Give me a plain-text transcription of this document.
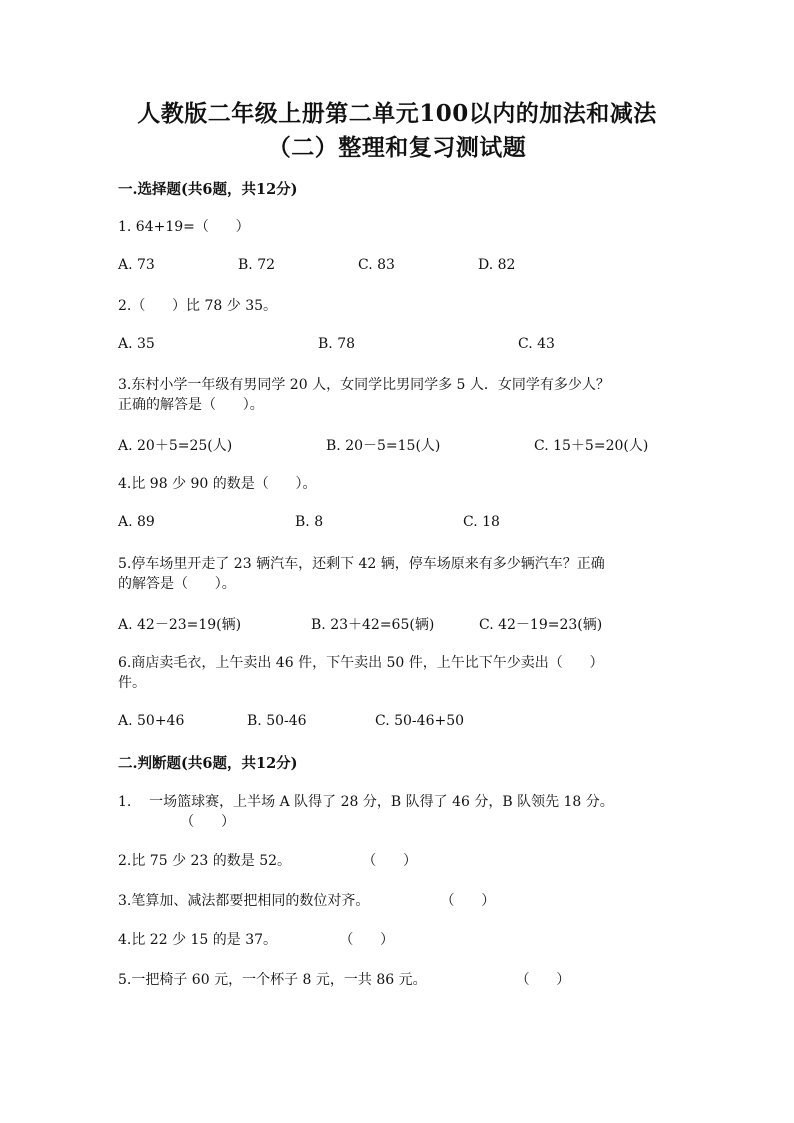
人教版二年级上册第二单元100以内的加法和减法
（二）整理和复习测试题
一.选择题(共6题，共12分)
1. 64+19=（      ）
A. 73	B. 72	C. 83	D. 82
2.（      ）比 78 少 35。
A. 35	B. 78	C. 43
3.东村小学一年级有男同学 20 人，女同学比男同学多 5 人．女同学有多少人？
正确的解答是（      ）。
A. 20＋5=25(人)	B. 20－5=15(人)	C. 15＋5=20(人)
4.比 98 少 90 的数是（      ）。
A. 89	B. 8	C. 18
5.停车场里开走了 23 辆汽车，还剩下 42 辆，停车场原来有多少辆汽车？正确
的解答是（      ）。
A. 42－23=19(辆)	B. 23＋42=65(辆)	C. 42－19=23(辆)
6.商店卖毛衣，上午卖出 46 件，下午卖出 50 件，上午比下午少卖出（      ）
件。
A. 50+46	B. 50-46	C. 50-46+50
二.判断题(共6题，共12分)
1.    一场篮球赛，上半场 A 队得了 28 分，B 队得了 46 分，B 队领先 18 分。
（      ）
2.比 75 少 23 的数是 52。                （      ）
3.笔算加、减法都要把相同的数位对齐。                （      ）
4.比 22 少 15 的是 37。              （      ）
5.一把椅子 60 元，一个杯子 8 元，一共 86 元。                    （      ）
